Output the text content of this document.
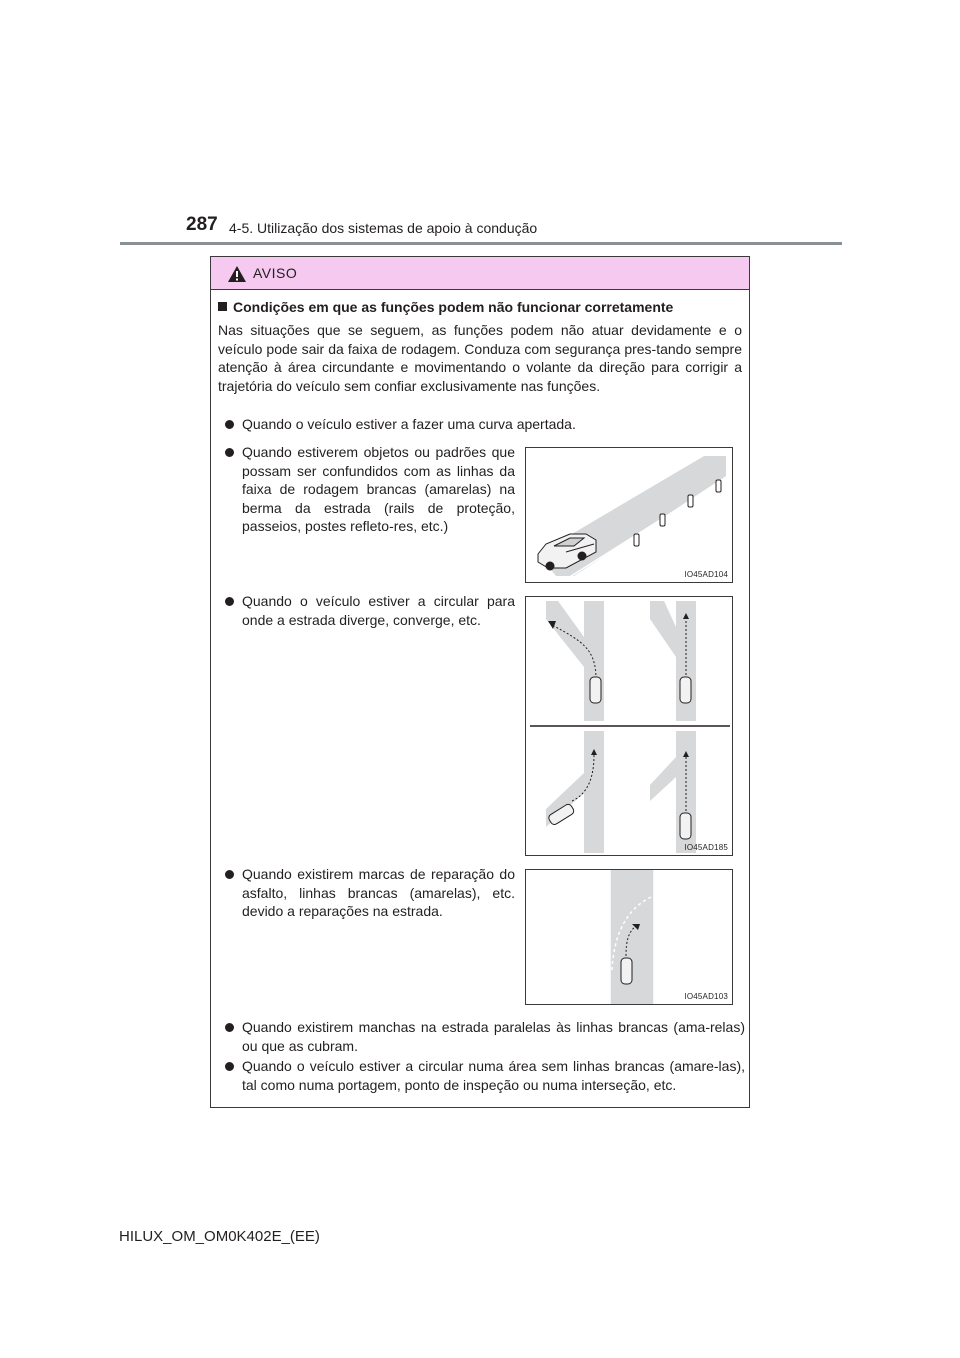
287 4-5. Utilização dos sistemas de apoio à condução
AVISO
Condições em que as funções podem não funcionar corretamente
Nas situações que se seguem, as funções podem não atuar devidamente e o veículo pode sair da faixa de rodagem. Conduza com segurança pres-tando sempre atenção à área circundante e movimentando o volante da direção para corrigir a trajetória do veículo sem confiar exclusivamente nas funções.
Quando o veículo estiver a fazer uma curva apertada.
Quando estiverem objetos ou padrões que possam ser confundidos com as linhas da faixa de rodagem brancas (amarelas) na berma da estrada (rails de proteção, passeios, postes refleto-res, etc.)
Quando o veículo estiver a circular para onde a estrada diverge, converge, etc.
Quando existirem marcas de reparação do asfalto, linhas brancas (amarelas), etc. devido a reparações na estrada.
Quando existirem manchas na estrada paralelas às linhas brancas (ama-relas) ou que as cubram.
Quando o veículo estiver a circular numa área sem linhas brancas (amare-las), tal como numa portagem, ponto de inspeção ou numa interseção, etc.
IO45AD104
IO45AD185
IO45AD103
HILUX_OM_OM0K402E_(EE)
